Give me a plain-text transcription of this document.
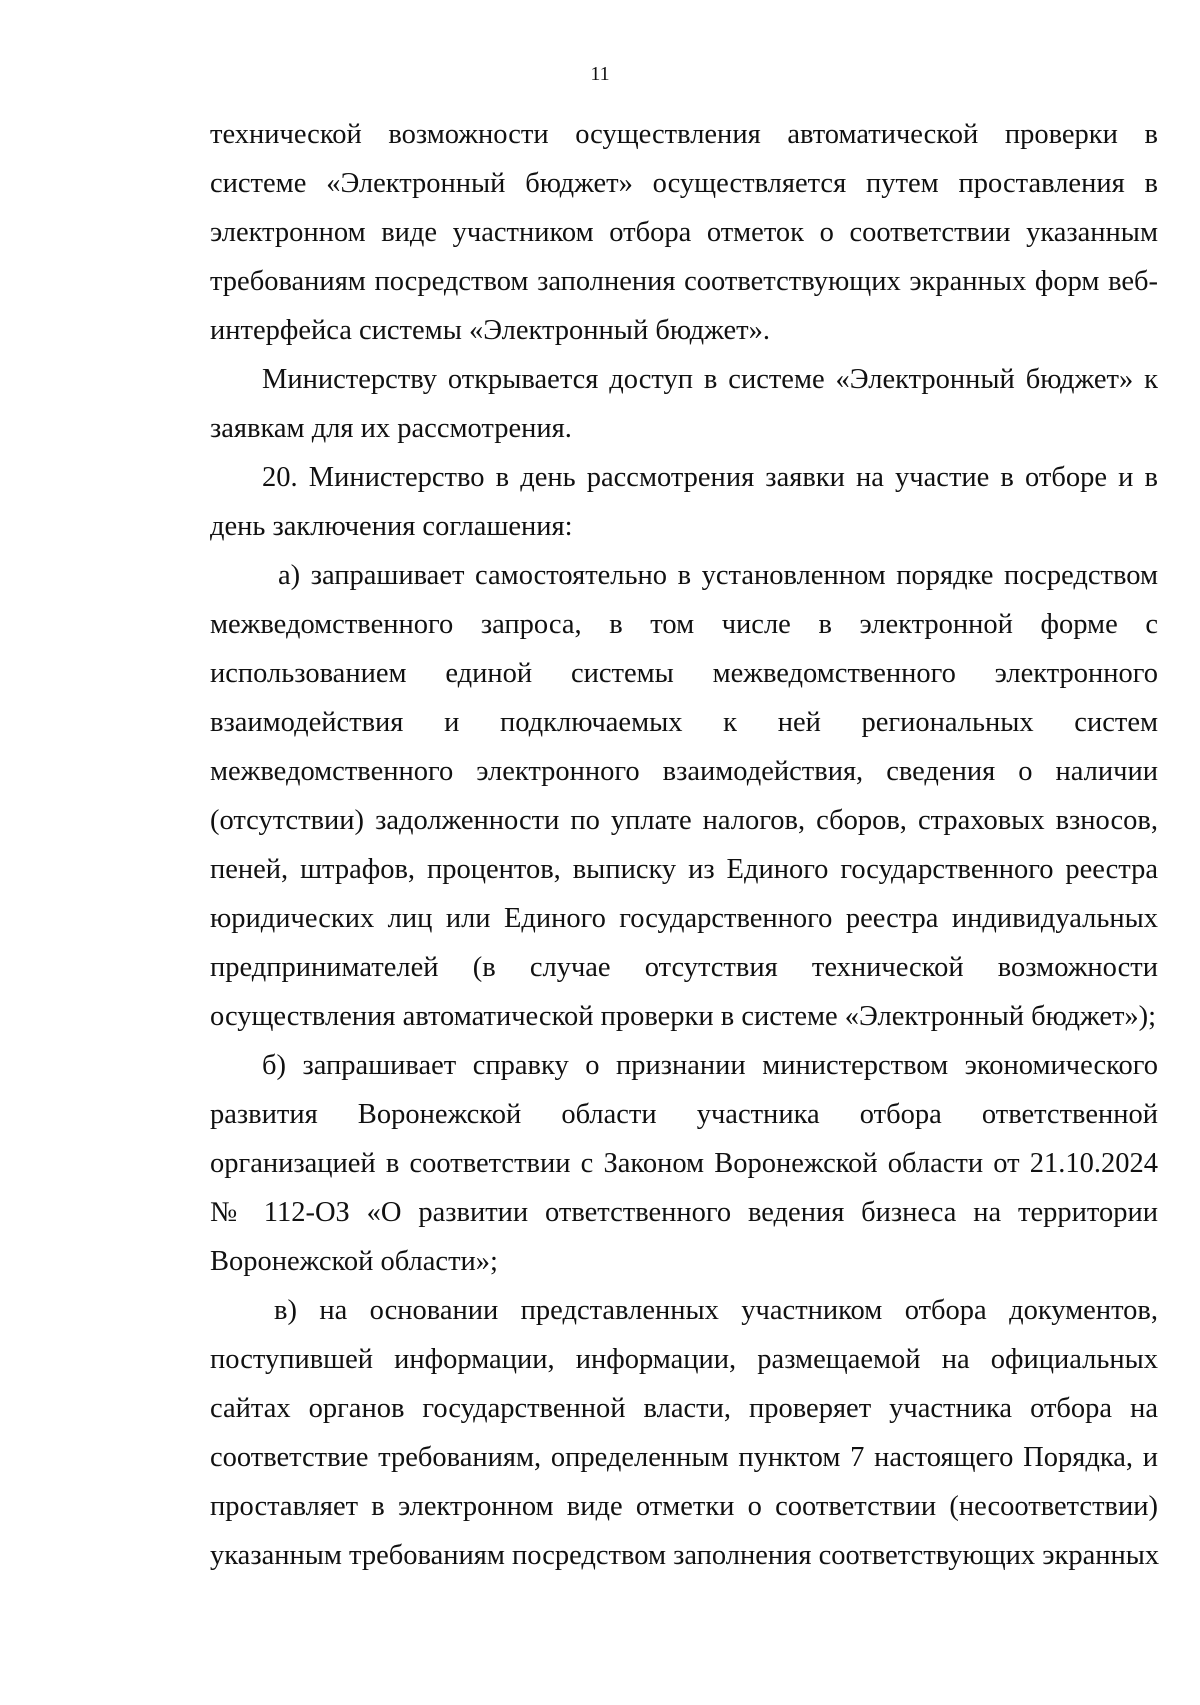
11
технической возможности осуществления автоматической проверки в
системе «Электронный бюджет» осуществляется путем проставления в
электронном виде участником отбора отметок о соответствии указанным
требованиям посредством заполнения соответствующих экранных форм веб-
интерфейса системы «Электронный бюджет».
Министерству открывается доступ в системе «Электронный бюджет» к
заявкам для их рассмотрения.
20. Министерство в день рассмотрения заявки на участие в отборе и в
день заключения соглашения:
а) запрашивает самостоятельно в установленном порядке посредством
межведомственного запроса, в том числе в электронной форме с
использованием единой системы межведомственного электронного
взаимодействия и подключаемых к ней региональных систем
межведомственного электронного взаимодействия, сведения о наличии
(отсутствии) задолженности по уплате налогов, сборов, страховых взносов,
пеней, штрафов, процентов, выписку из Единого государственного реестра
юридических лиц или Единого государственного реестра индивидуальных
предпринимателей (в случае отсутствия технической возможности
осуществления автоматической проверки в системе «Электронный бюджет»);
б) запрашивает справку о признании министерством экономического
развития Воронежской области участника отбора ответственной
организацией в соответствии с Законом Воронежской области от 21.10.2024
№ 112-ОЗ «О развитии ответственного ведения бизнеса на территории
Воронежской области»;
в) на основании представленных участником отбора документов,
поступившей информации, информации, размещаемой на официальных
сайтах органов государственной власти, проверяет участника отбора на
соответствие требованиям, определенным пунктом 7 настоящего Порядка, и
проставляет в электронном виде отметки о соответствии (несоответствии)
указанным требованиям посредством заполнения соответствующих экранных
